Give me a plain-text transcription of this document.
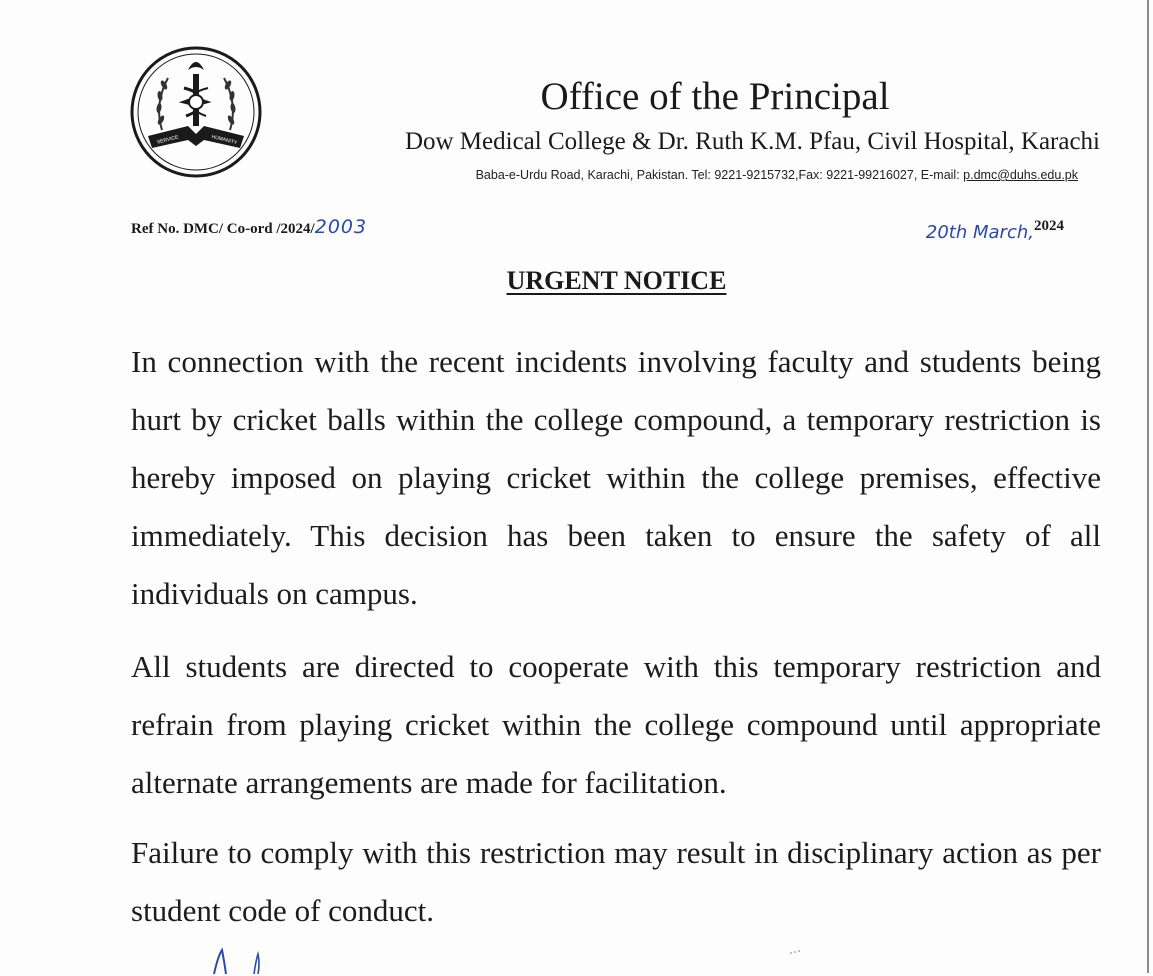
DMC
SERVICE	HUMANITY
Office of the Principal
Dow Medical College & Dr. Ruth K.M. Pfau, Civil Hospital, Karachi
Baba-e-Urdu Road, Karachi, Pakistan. Tel: 9221-9215732,Fax: 9221-99216027, E-mail: p.dmc@duhs.edu.pk
Ref No. DMC/ Co-ord /2024/2003	20th March,2024
URGENT NOTICE

In connection with the recent incidents involving faculty and students being hurt by cricket balls within the college compound, a temporary restriction is hereby imposed on playing cricket within the college premises, effective immediately. This decision has been taken to ensure the safety of all individuals on campus.

All students are directed to cooperate with this temporary restriction and refrain from playing cricket within the college compound until appropriate alternate arrangements are made for facilitation.

Failure to comply with this restriction may result in disciplinary action as per student code of conduct.
